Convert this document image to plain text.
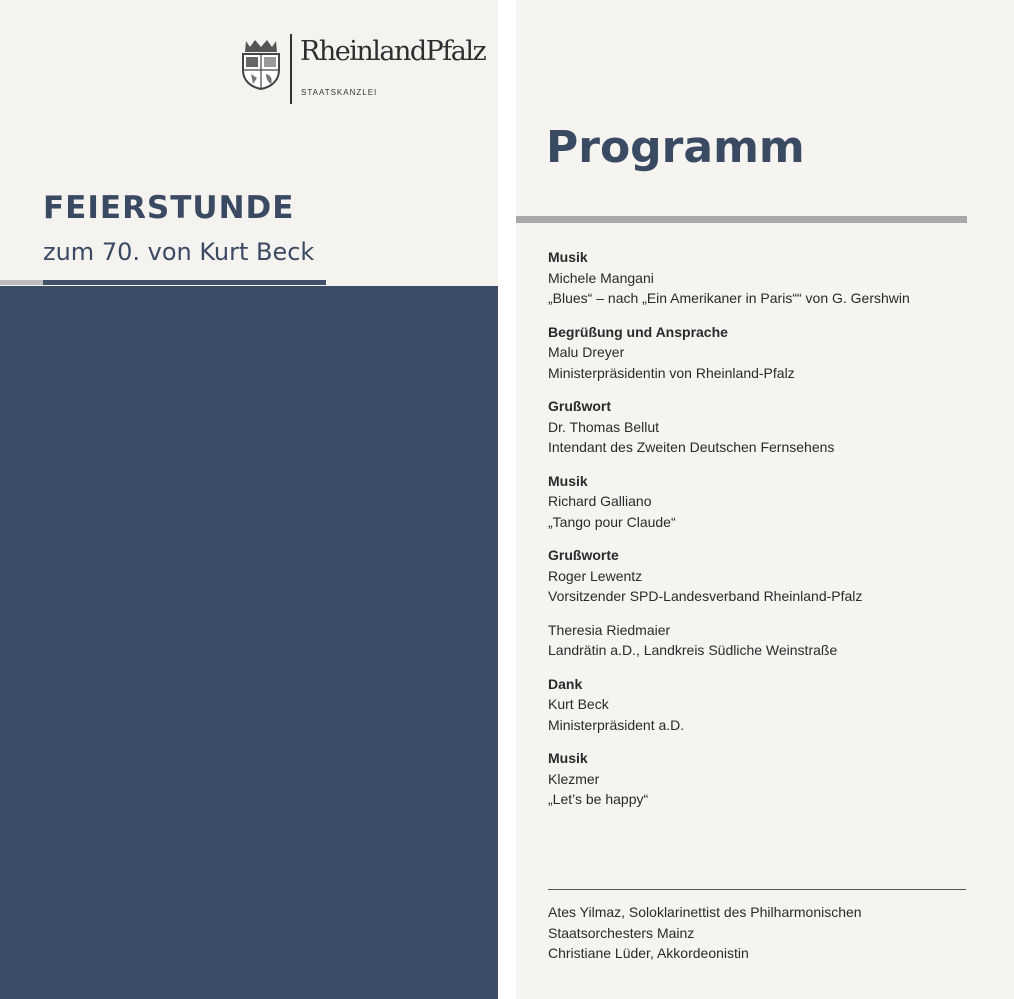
RheinlandPfalz
STAATSKANZLEI
FEIERSTUNDE
zum 70. von Kurt Beck
Programm
Musik
Michele Mangani
„Blues“ – nach „Ein Amerikaner in Paris““ von G. Gershwin
Begrüßung und Ansprache
Malu Dreyer
Ministerpräsidentin von Rheinland-Pfalz
Grußwort
Dr. Thomas Bellut
Intendant des Zweiten Deutschen Fernsehens
Musik
Richard Galliano
„Tango pour Claude“
Grußworte
Roger Lewentz
Vorsitzender SPD-Landesverband Rheinland-Pfalz
Theresia Riedmaier
Landrätin a.D., Landkreis Südliche Weinstraße
Dank
Kurt Beck
Ministerpräsident a.D.
Musik
Klezmer
„Let’s be happy“
Ates Yilmaz, Soloklarinettist des Philharmonischen
Staatsorchesters Mainz
Christiane Lüder, Akkordeonistin
